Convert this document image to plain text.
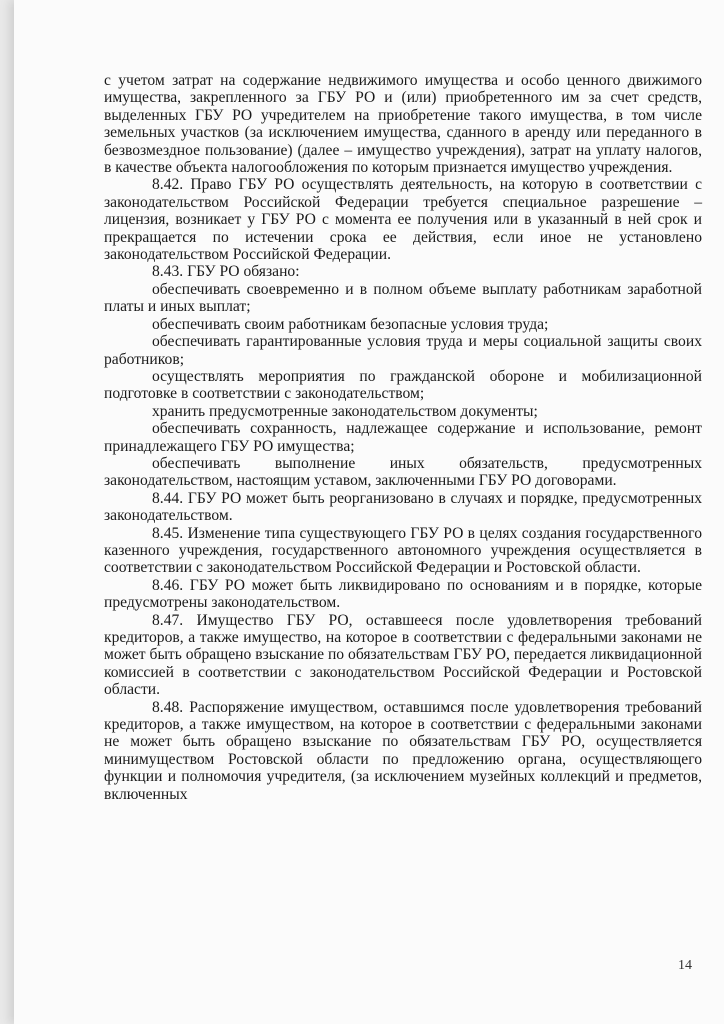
с учетом затрат на содержание недвижимого имущества и особо ценного движимого имущества, закрепленного за ГБУ РО и (или) приобретенного им за счет средств, выделенных ГБУ РО учредителем на приобретение такого имущества, в том числе земельных участков (за исключением имущества, сданного в аренду или переданного в безвозмездное пользование) (далее – имущество учреждения), затрат на уплату налогов, в качестве объекта налогообложения по которым признается имущество учреждения.

8.42. Право ГБУ РО осуществлять деятельность, на которую в соответствии с законодательством Российской Федерации требуется специальное разрешение – лицензия, возникает у ГБУ РО с момента ее получения или в указанный в ней срок и прекращается по истечении срока ее действия, если иное не установлено законодательством Российской Федерации.

8.43. ГБУ РО обязано:

обеспечивать своевременно и в полном объеме выплату работникам заработной платы и иных выплат;

обеспечивать своим работникам безопасные условия труда;

обеспечивать гарантированные условия труда и меры социальной защиты своих работников;

осуществлять мероприятия по гражданской обороне и мобилизационной подготовке в соответствии с законодательством;

хранить предусмотренные законодательством документы;

обеспечивать сохранность, надлежащее содержание и использование, ремонт принадлежащего ГБУ РО имущества;

обеспечивать выполнение иных обязательств, предусмотренных законодательством, настоящим уставом, заключенными ГБУ РО договорами.

8.44. ГБУ РО может быть реорганизовано в случаях и порядке, предусмотренных законодательством.

8.45. Изменение типа существующего ГБУ РО в целях создания государственного казенного учреждения, государственного автономного учреждения осуществляется в соответствии с законодательством Российской Федерации и Ростовской области.

8.46. ГБУ РО может быть ликвидировано по основаниям и в порядке, которые предусмотрены законодательством.

8.47. Имущество ГБУ РО, оставшееся после удовлетворения требований кредиторов, а также имущество, на которое в соответствии с федеральными законами не может быть обращено взыскание по обязательствам ГБУ РО, передается ликвидационной комиссией в соответствии с законодательством Российской Федерации и Ростовской области.

8.48. Распоряжение имуществом, оставшимся после удовлетворения требований кредиторов, а также имуществом, на которое в соответствии с федеральными законами не может быть обращено взыскание по обязательствам ГБУ РО, осуществляется минимуществом Ростовской области по предложению органа, осуществляющего функции и полномочия учредителя, (за исключением музейных коллекций и предметов, включенных

14
